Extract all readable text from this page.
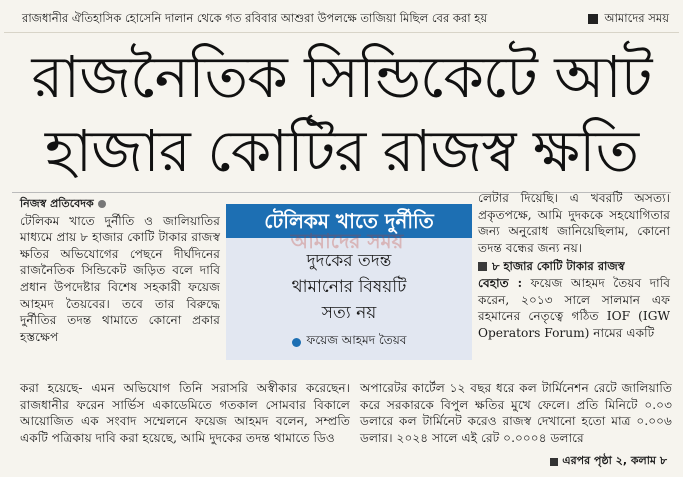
রাজধানীর ঐতিহাসিক হোসেনি দালান থেকে গত রবিবার আশুরা উপলক্ষে তাজিয়া মিছিল বের করা হয়	আমাদের সময়
রাজনৈতিক সিন্ডিকেটে আট
হাজার কোটির রাজস্ব ক্ষতি
নিজস্ব প্রতিবেদক

টেলিকম খাতে দুর্নীতি ও জালিয়াতির মাধ্যমে প্রায় ৮ হাজার কোটি টাকার রাজস্ব ক্ষতির অভিযোগের পেছনে দীর্ঘদিনের রাজনৈতিক সিন্ডিকেট জড়িত বলে দাবি প্রধান উপদেষ্টার বিশেষ সহকারী ফয়েজ আহমদ তৈয়বের। তবে তার বিরুদ্ধে দুর্নীতির তদন্ত থামাতে কোনো প্রকার হস্তক্ষেপ

টেলিকম খাতে দুর্নীতি
দুদকের তদন্ত
থামানোর বিষয়টি
সত্য নয়
ফয়েজ আহমদ তৈয়ব
আমাদের সময়

লেটার দিয়েছি। এ খবরটি অসত্য। প্রকৃতপক্ষে, আমি দুদককে সহযোগিতার জন্য অনুরোধ জানিয়েছিলাম, কোনো তদন্ত বন্ধের জন্য নয়।

৮ হাজার কোটি টাকার রাজস্ব

বেহাত : ফয়েজ আহমদ তৈয়ব দাবি করেন, ২০১৩ সালে সালমান এফ রহমানের নেতৃত্বে গঠিত IOF (IGW Operators Forum) নামের একটি

করা হয়েছে- এমন অভিযোগ তিনি সরাসরি অস্বীকার করেছেন। রাজধানীর ফরেন সার্ভিস একাডেমিতে গতকাল সোমবার বিকালে আয়োজিত এক সংবাদ সম্মেলনে ফয়েজ আহমদ বলেন, সম্প্রতি একটি পত্রিকায় দাবি করা হয়েছে, আমি দুদকের তদন্ত থামাতে ডিও

অপারেটর কার্টেল ১২ বছর ধরে কল টার্মিনেশন রেটে জালিয়াতি করে সরকারকে বিপুল ক্ষতির মুখে ফেলে। প্রতি মিনিটে ০.০৩ ডলারে কল টার্মিনেট করেও রাজস্ব দেখানো হতো মাত্র ০.০০৬ ডলার। ২০২৪ সালে এই রেট ০.০০০৪ ডলারে

এরপর পৃষ্ঠা ২, কলাম ৮
